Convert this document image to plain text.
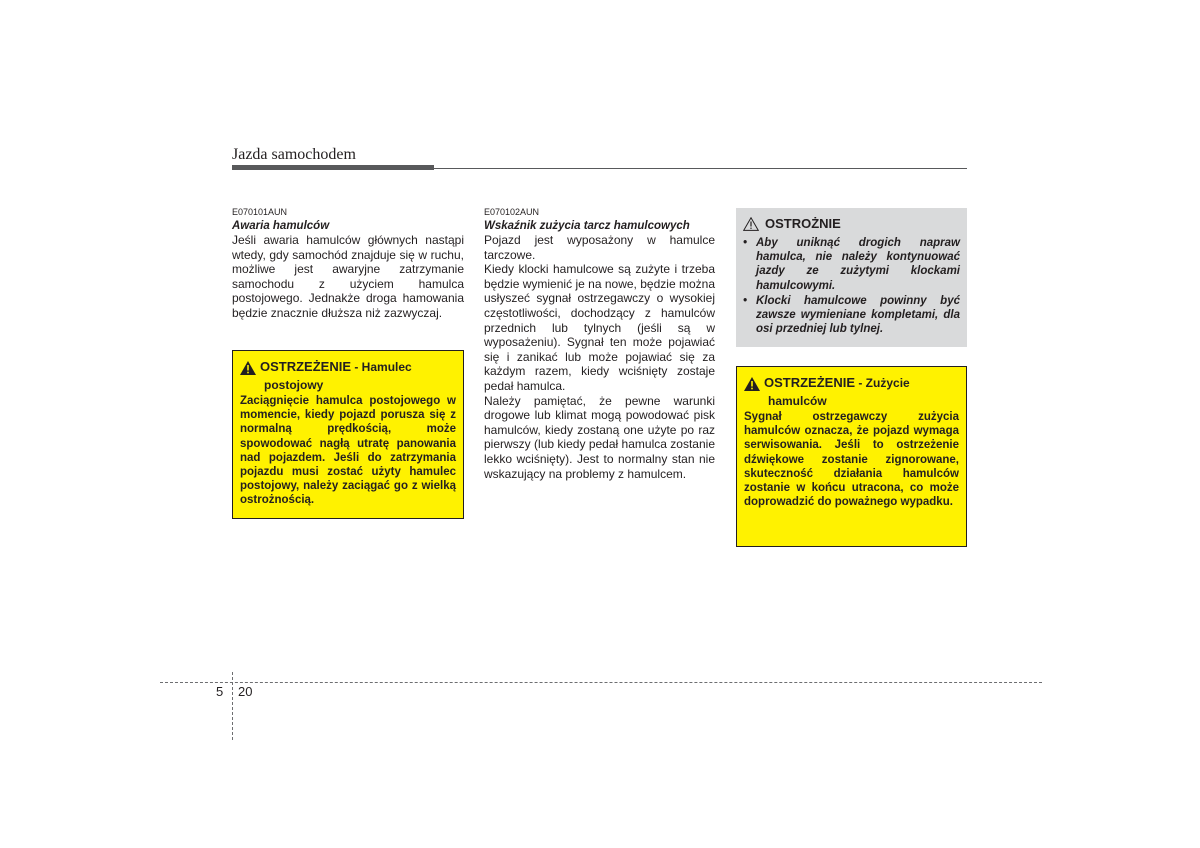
Jazda samochodem

E070101AUN

Awaria hamulców

Jeśli awaria hamulców głównych nastąpi wtedy, gdy samochód znajduje się w ruchu, możliwe jest awaryjne zatrzymanie samochodu z użyciem hamulca postojowego. Jednakże droga hamowania będzie znacznie dłuższa niż zazwyczaj.

OSTRZEŻENIE - Hamulec
postojowy

Zaciągnięcie hamulca postojowego w momencie, kiedy pojazd porusza się z normalną prędkością, może spowodować nagłą utratę panowania nad pojazdem. Jeśli do zatrzymania pojazdu musi zostać użyty hamulec postojowy, należy zaciągać go z wielką ostrożnością.

E070102AUN

Wskaźnik zużycia tarcz hamulcowych

Pojazd jest wyposażony w hamulce tarczowe.

Kiedy klocki hamulcowe są zużyte i trzeba będzie wymienić je na nowe, będzie można usłyszeć sygnał ostrzegawczy o wysokiej częstotliwości, dochodzący z hamulców przednich lub tylnych (jeśli są w wyposażeniu). Sygnał ten może pojawiać się i zanikać lub może pojawiać się za każdym razem, kiedy wciśnięty zostaje pedał hamulca.

Należy pamiętać, że pewne warunki drogowe lub klimat mogą powodować pisk hamulców, kiedy zostaną one użyte po raz pierwszy (lub kiedy pedał hamulca zostanie lekko wciśnięty). Jest to normalny stan nie wskazujący na problemy z hamulcem.

OSTROŻNIE
• Aby uniknąć drogich napraw hamulca, nie należy kontynuować jazdy ze zużytymi klockami hamulcowymi.
• Klocki hamulcowe powinny być zawsze wymieniane kompletami, dla osi przedniej lub tylnej.
OSTRZEŻENIE - Zużycie
hamulców

Sygnał ostrzegawczy zużycia hamulców oznacza, że pojazd wymaga serwisowania. Jeśli to ostrzeżenie dźwiękowe zostanie zignorowane, skuteczność działania hamulców zostanie w końcu utracona, co może doprowadzić do poważnego wypadku.

5 20
